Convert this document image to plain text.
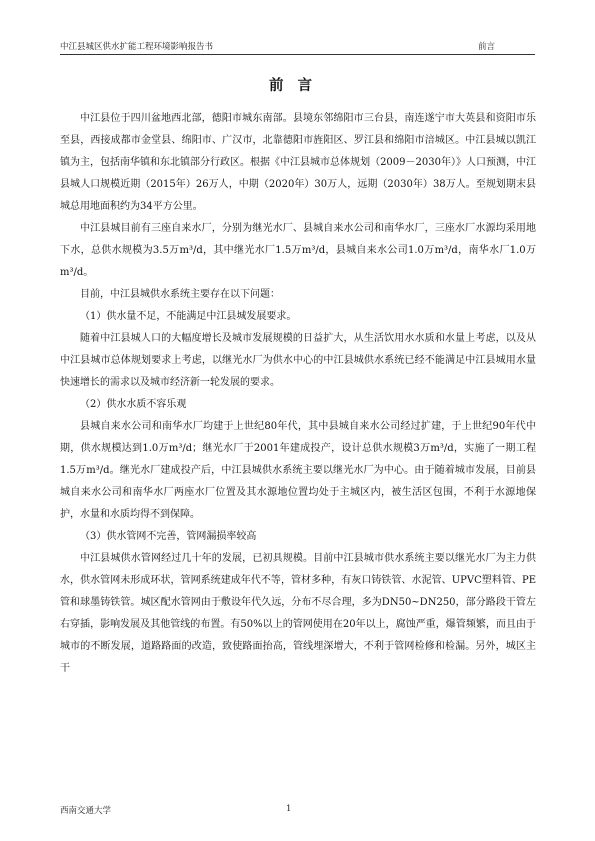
中江县城区供水扩能工程环境影响报告书	前言
前言

中江县位于四川盆地西北部，德阳市城东南部。县境东邻绵阳市三台县，南连遂宁市大英县和资阳市乐至县，西接成都市金堂县、绵阳市、广汉市，北靠德阳市旌阳区、罗江县和绵阳市涪城区。中江县城以凯江镇为主，包括南华镇和东北镇部分行政区。根据《中江县城市总体规划（2009－2030年）》人口预测，中江县城人口规模近期（2015年）26万人，中期（2020年）30万人，远期（2030年）38万人。至规划期末县城总用地面积约为34平方公里。

中江县城目前有三座自来水厂，分别为继光水厂、县城自来水公司和南华水厂，三座水厂水源均采用地下水，总供水规模为3.5万m³/d，其中继光水厂1.5万m³/d，县城自来水公司1.0万m³/d，南华水厂1.0万m³/d。

目前，中江县城供水系统主要存在以下问题：

（1）供水量不足，不能满足中江县城发展要求。

随着中江县城人口的大幅度增长及城市发展规模的日益扩大，从生活饮用水水质和水量上考虑，以及从中江县城市总体规划要求上考虑，以继光水厂为供水中心的中江县城供水系统已经不能满足中江县城用水量快速增长的需求以及城市经济新一轮发展的要求。

（2）供水水质不容乐观

县城自来水公司和南华水厂均建于上世纪80年代，其中县城自来水公司经过扩建，于上世纪90年代中期，供水规模达到1.0万m³/d；继光水厂于2001年建成投产，设计总供水规模3万m³/d，实施了一期工程1.5万m³/d。继光水厂建成投产后，中江县城供水系统主要以继光水厂为中心。由于随着城市发展，目前县城自来水公司和南华水厂两座水厂位置及其水源地位置均处于主城区内，被生活区包围，不利于水源地保护，水量和水质均得不到保障。

（3）供水管网不完善，管网漏损率较高

中江县城供水管网经过几十年的发展，已初具规模。目前中江县城市供水系统主要以继光水厂为主力供水，供水管网未形成环状，管网系统建成年代不等，管材多种，有灰口铸铁管、水泥管、UPVC塑料管、PE管和球墨铸铁管。城区配水管网由于敷设年代久远，分布不尽合理，多为DN50~DN250，部分路段干管左右穿插，影响发展及其他管线的布置。有50%以上的管网使用在20年以上，腐蚀严重，爆管频繁，而且由于城市的不断发展，道路路面的改造，致使路面抬高，管线埋深增大，不利于管网检修和检漏。另外，城区主干

西南交通大学	1
